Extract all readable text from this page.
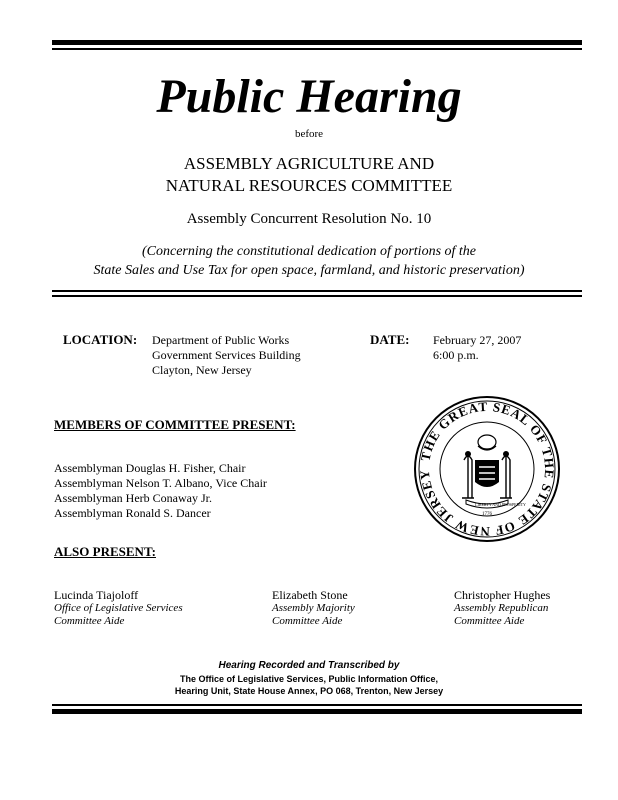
Public Hearing
before
ASSEMBLY AGRICULTURE AND
NATURAL RESOURCES COMMITTEE
Assembly Concurrent Resolution No. 10
(Concerning the constitutional dedication of portions of the
State Sales and Use Tax for open space, farmland, and historic preservation)
LOCATION: Department of Public Works
Government Services Building
Clayton, New Jersey
DATE: February 27, 2007
6:00 p.m.
MEMBERS OF COMMITTEE PRESENT:
Assemblyman Douglas H. Fisher, Chair
Assemblyman Nelson T. Albano, Vice Chair
Assemblyman Herb Conaway Jr.
Assemblyman Ronald S. Dancer
THE GREAT SEAL OF THE STATE OF NEW JERSEY
LIBERTY AND PROSPERITY
1776
ALSO PRESENT:
Lucinda Tiajoloff
Office of Legislative Services
Committee Aide
Elizabeth Stone
Assembly Majority
Committee Aide
Christopher Hughes
Assembly Republican
Committee Aide
Hearing Recorded and Transcribed by
The Office of Legislative Services, Public Information Office,
Hearing Unit, State House Annex, PO 068, Trenton, New Jersey
